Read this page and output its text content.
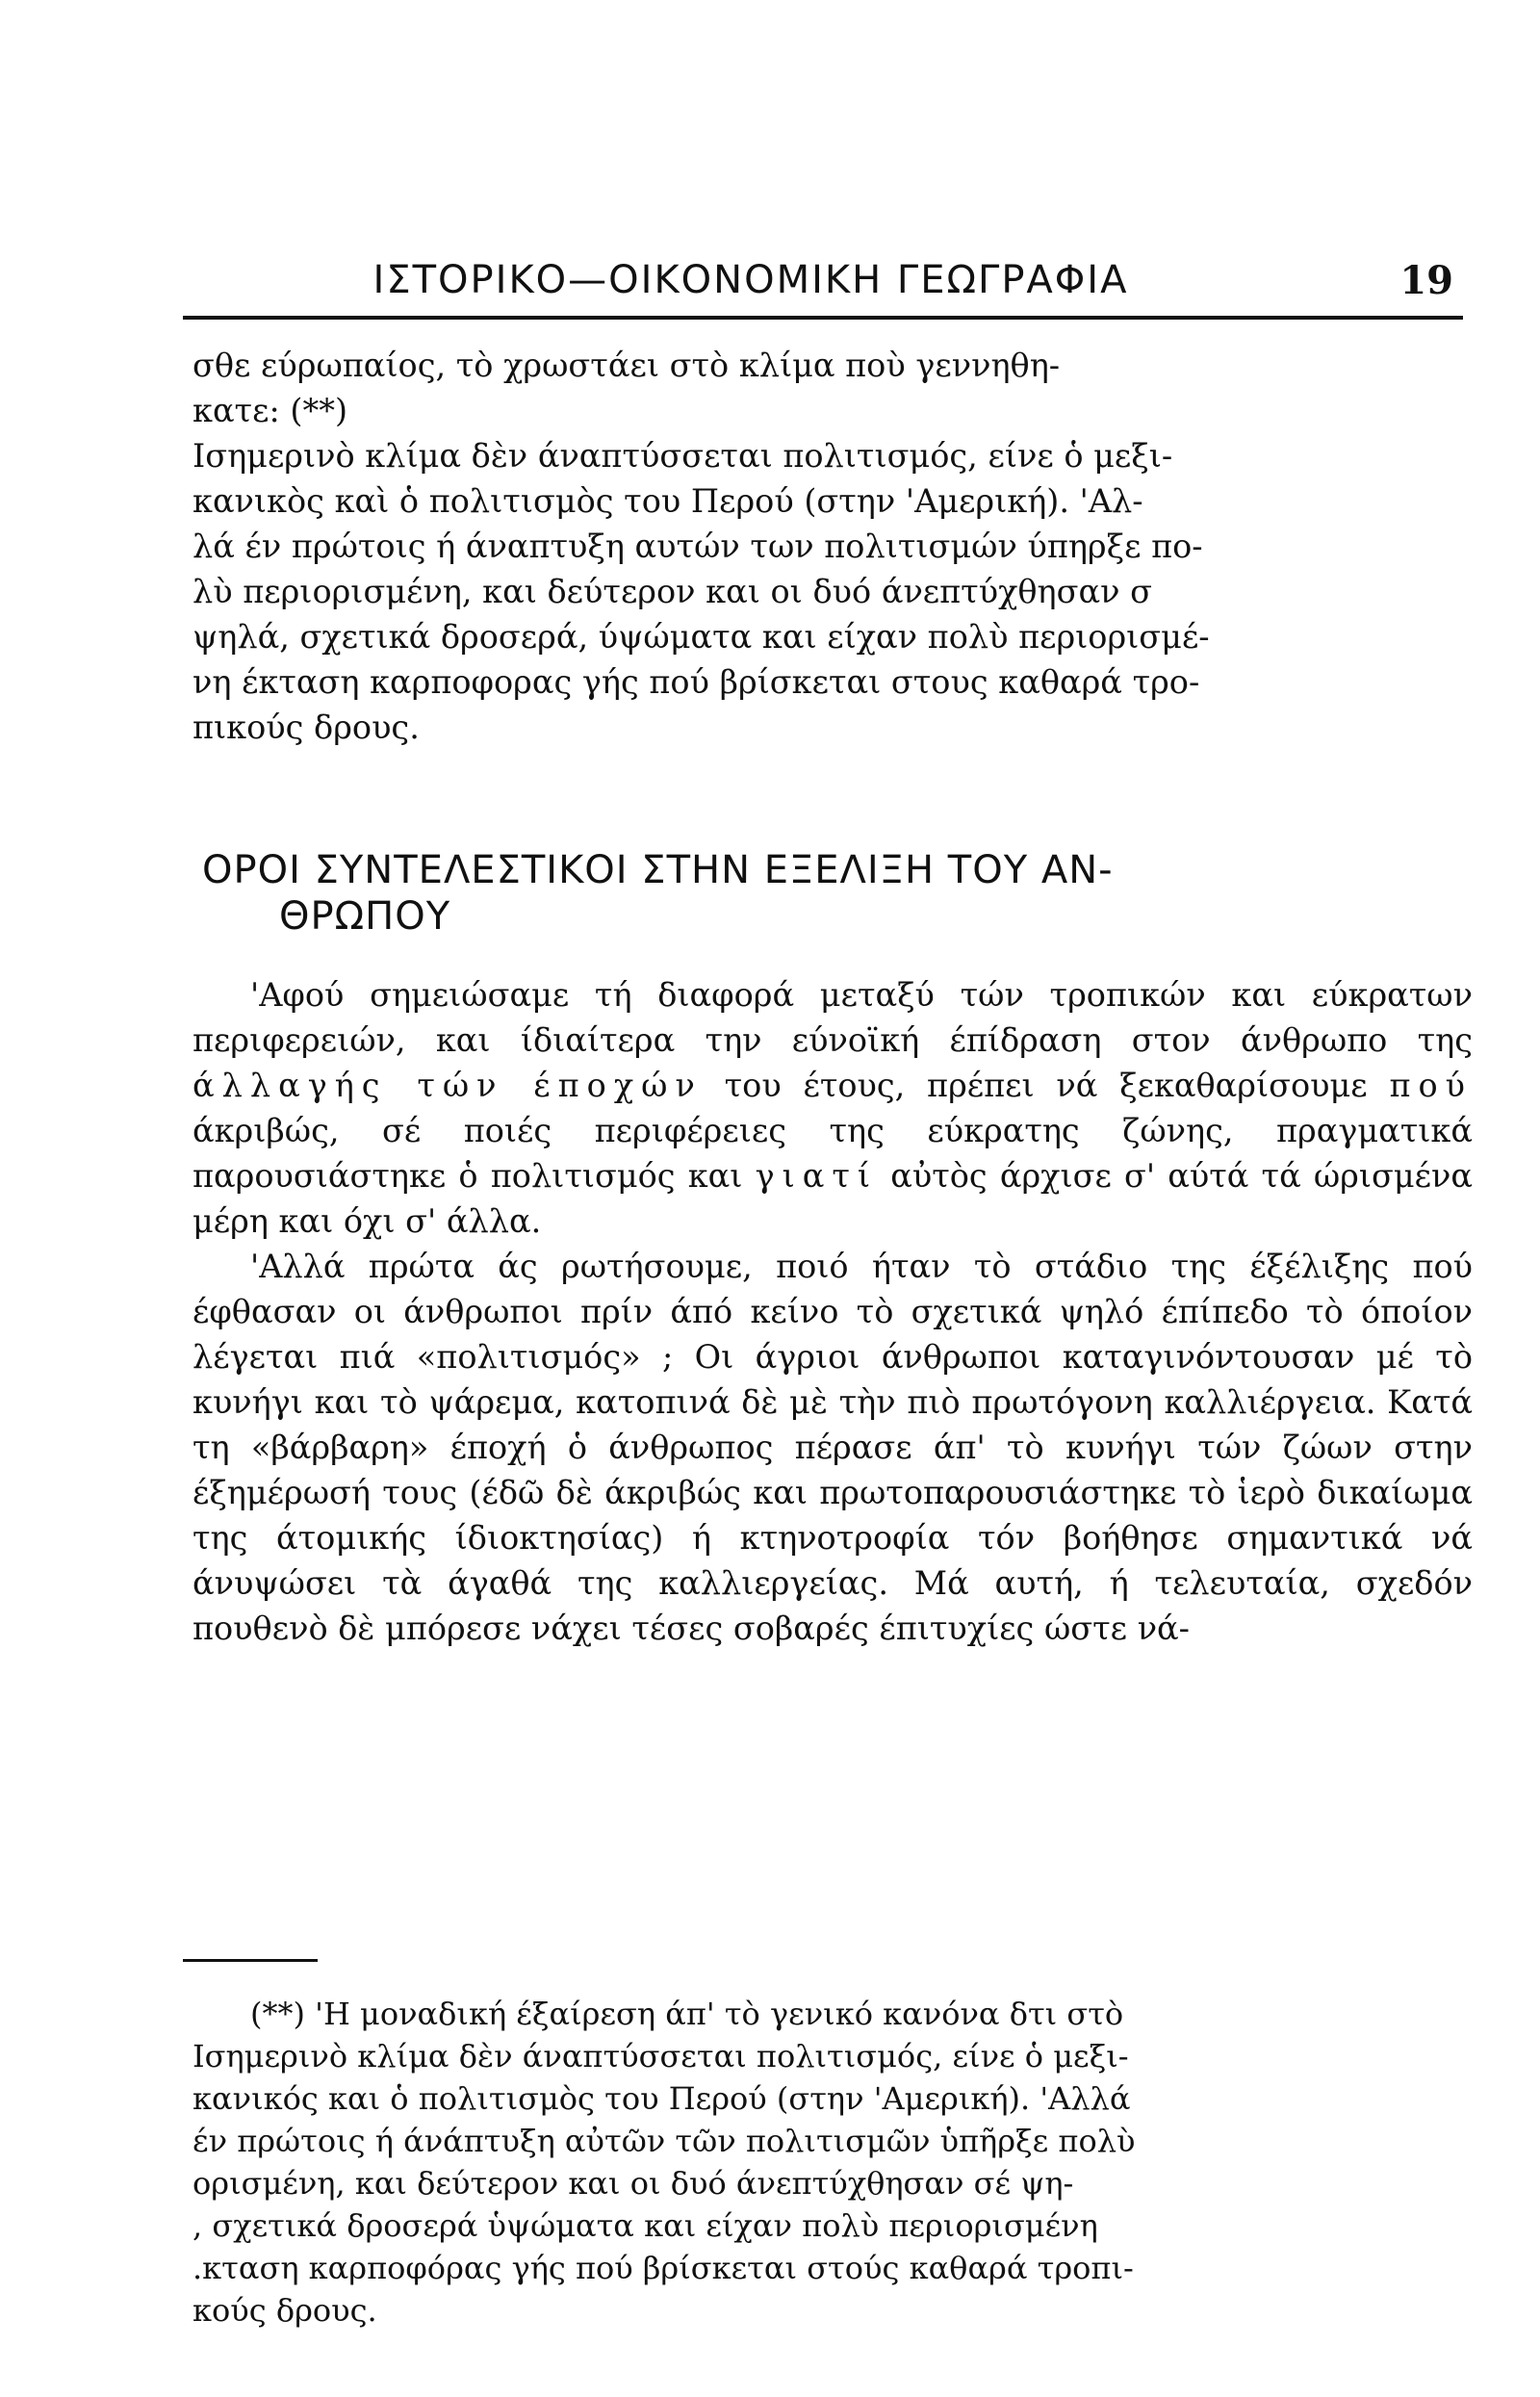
ΙΣΤΟΡΙΚΟ—ΟΙΚΟΝΟΜΙΚΗ ΓΕΩΓΡΑΦΙΑ	19
σθε εύρωπαίος, τὸ χρωστάει στὸ κλίμα ποὺ γεννηθη-
κατε: (**)
Ισημερινὸ κλίμα δὲν άναπτύσσεται πολιτισμός, είνε ὁ μεξι-
κανικὸς καὶ ὁ πολιτισμὸς του Περού (στην 'Αμερική). 'Αλ-
λά έν πρώτοις ή άναπτυξη αυτών των πολιτισμών ύπηρξε πο-
λὺ περιορισμένη, και δεύτερον και οι δυό άνεπτύχθησαν σ
ψηλά, σχετικά δροσερά, ύψώματα και είχαν πολὺ περιορισμέ-
νη έκταση καρποφορας γής πού βρίσκεται στους καθαρά τρο-
πικούς δρους.
ΟΡΟΙ ΣΥΝΤΕΛΕΣΤΙΚΟΙ ΣΤΗΝ ΕΞΕΛΙΞΗ ΤΟΥ ΑΝ-
ΘΡΩΠΟΥ

'Αφού σημειώσαμε τή διαφορά μεταξύ τών τροπικών και εύκρατων περιφερειών, και ίδιαίτερα την εύνοϊκή έπίδραση στον άνθρωπο της άλλαγής τών έποχών του έτους, πρέπει νά ξεκαθαρίσουμε πού άκριβώς, σέ ποιές περιφέρειες της εύκρατης ζώνης, πραγματικά παρουσιάστηκε ὁ πολιτισμός και γιατί αὐτὸς άρχισε σ' αύτά τά ώρισμένα μέρη και όχι σ' άλλα.

'Αλλά πρώτα άς ρωτήσουμε, ποιό ήταν τὸ στάδιο της έξέλιξης πού έφθασαν οι άνθρωποι πρίν άπό κείνο τὸ σχετικά ψηλό έπίπεδο τὸ όποίον λέγεται πιά «πολιτισμός» ; Οι άγριοι άνθρωποι καταγινόντουσαν μέ τὸ κυνήγι και τὸ ψάρεμα, κατοπινά δὲ μὲ τὴν πιὸ πρωτόγονη καλλιέργεια. Κατά τη «βάρβαρη» έποχή ὁ άνθρωπος πέρασε άπ' τὸ κυνήγι τών ζώων στην έξημέρωσή τους (έδῶ δὲ άκριβώς και πρωτοπαρουσιάστηκε τὸ ἱερὸ δικαίωμα της άτομικής ίδιοκτησίας) ή κτηνοτροφία τόν βοήθησε σημαντικά νά άνυψώσει τὰ άγαθά της καλλιεργείας. Μά αυτή, ή τελευταία, σχεδόν πουθενὸ δὲ μπόρεσε νάχει τέσες σοβαρές έπιτυχίες ώστε νά-

(**) 'Η μοναδική έξαίρεση άπ' τὸ γενικό κανόνα δτι στὸ
Ισημερινὸ κλίμα δὲν άναπτύσσεται πολιτισμός, είνε ὁ μεξι-
κανικός και ὁ πολιτισμὸς του Περού (στην 'Αμερική). 'Αλλά
έν πρώτοις ή άνάπτυξη αὐτῶν τῶν πολιτισμῶν ὑπῆρξε πολὺ
ορισμένη, και δεύτερον και οι δυό άνεπτύχθησαν σέ ψη-
, σχετικά δροσερά ὑψώματα και είχαν πολὺ περιορισμένη
.κταση καρποφόρας γής πού βρίσκεται στούς καθαρά τροπι-
κούς δρους.
